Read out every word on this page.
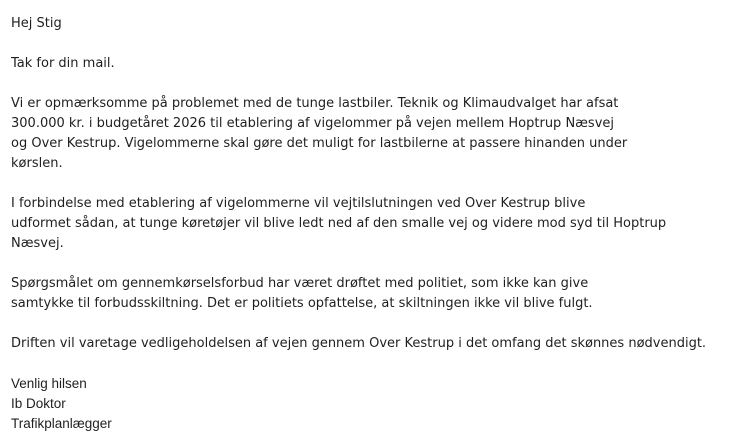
Hej Stig

Tak for din mail.

Vi er opmærksomme på problemet med de tunge lastbiler. Teknik og Klimaudvalget har afsat
300.000 kr. i budgetåret 2026 til etablering af vigelommer på vejen mellem Hoptrup Næsvej
og Over Kestrup. Vigelommerne skal gøre det muligt for lastbilerne at passere hinanden under
kørslen.

I forbindelse med etablering af vigelommerne vil vejtilslutningen ved Over Kestrup blive
udformet sådan, at tunge køretøjer vil blive ledt ned af den smalle vej og videre mod syd til Hoptrup
Næsvej.

Spørgsmålet om gennemkørselsforbud har været drøftet med politiet, som ikke kan give
samtykke til forbudsskiltning. Det er politiets opfattelse, at skiltningen ikke vil blive fulgt.

Driften vil varetage vedligeholdelsen af vejen gennem Over Kestrup i det omfang det skønnes nødvendigt.

Venlig hilsen
Ib Doktor
Trafikplanlægger
